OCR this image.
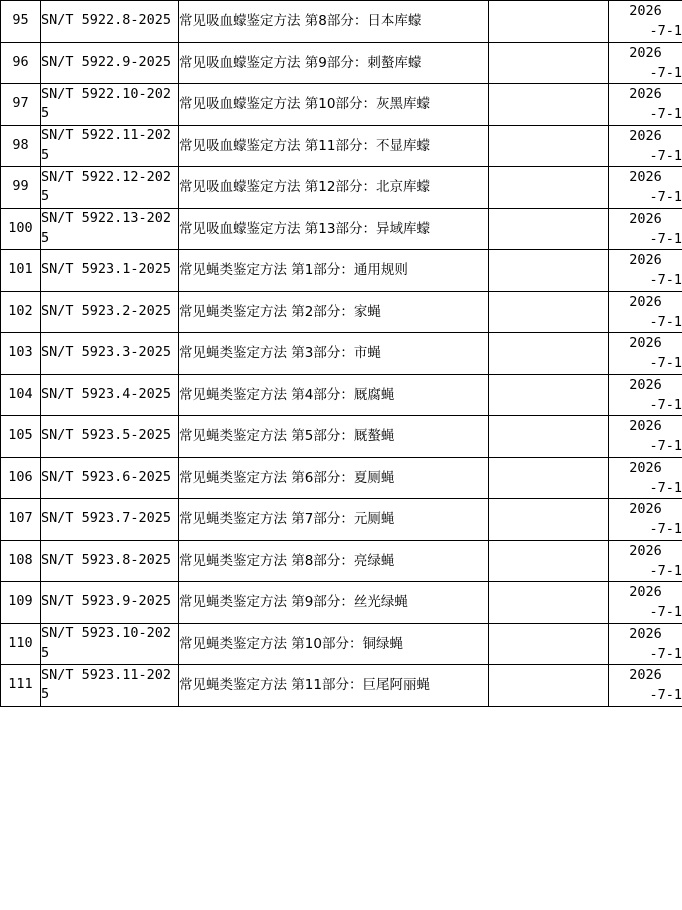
95	SN/T 5922.8-2025	常见吸血蠓鉴定方法 第8部分：日本库蠓		2026
-7-1

96	SN/T 5922.9-2025	常见吸血蠓鉴定方法 第9部分：刺螯库蠓		2026
-7-1

97	SN/T 5922.10-2025	常见吸血蠓鉴定方法 第10部分：灰黑库蠓		2026
-7-1

98	SN/T 5922.11-2025	常见吸血蠓鉴定方法 第11部分：不显库蠓		2026
-7-1

99	SN/T 5922.12-2025	常见吸血蠓鉴定方法 第12部分：北京库蠓		2026
-7-1

100	SN/T 5922.13-2025	常见吸血蠓鉴定方法 第13部分：异域库蠓		2026
-7-1

101	SN/T 5923.1-2025	常见蝇类鉴定方法 第1部分：通用规则		2026
-7-1

102	SN/T 5923.2-2025	常见蝇类鉴定方法 第2部分：家蝇		2026
-7-1

103	SN/T 5923.3-2025	常见蝇类鉴定方法 第3部分：市蝇		2026
-7-1

104	SN/T 5923.4-2025	常见蝇类鉴定方法 第4部分：厩腐蝇		2026
-7-1

105	SN/T 5923.5-2025	常见蝇类鉴定方法 第5部分：厩螯蝇		2026
-7-1

106	SN/T 5923.6-2025	常见蝇类鉴定方法 第6部分：夏厕蝇		2026
-7-1

107	SN/T 5923.7-2025	常见蝇类鉴定方法 第7部分：元厕蝇		2026
-7-1

108	SN/T 5923.8-2025	常见蝇类鉴定方法 第8部分：亮绿蝇		2026
-7-1

109	SN/T 5923.9-2025	常见蝇类鉴定方法 第9部分：丝光绿蝇		2026
-7-1

110	SN/T 5923.10-2025	常见蝇类鉴定方法 第10部分：铜绿蝇		2026
-7-1

111	SN/T 5923.11-2025	常见蝇类鉴定方法 第11部分：巨尾阿丽蝇		2026
-7-1
